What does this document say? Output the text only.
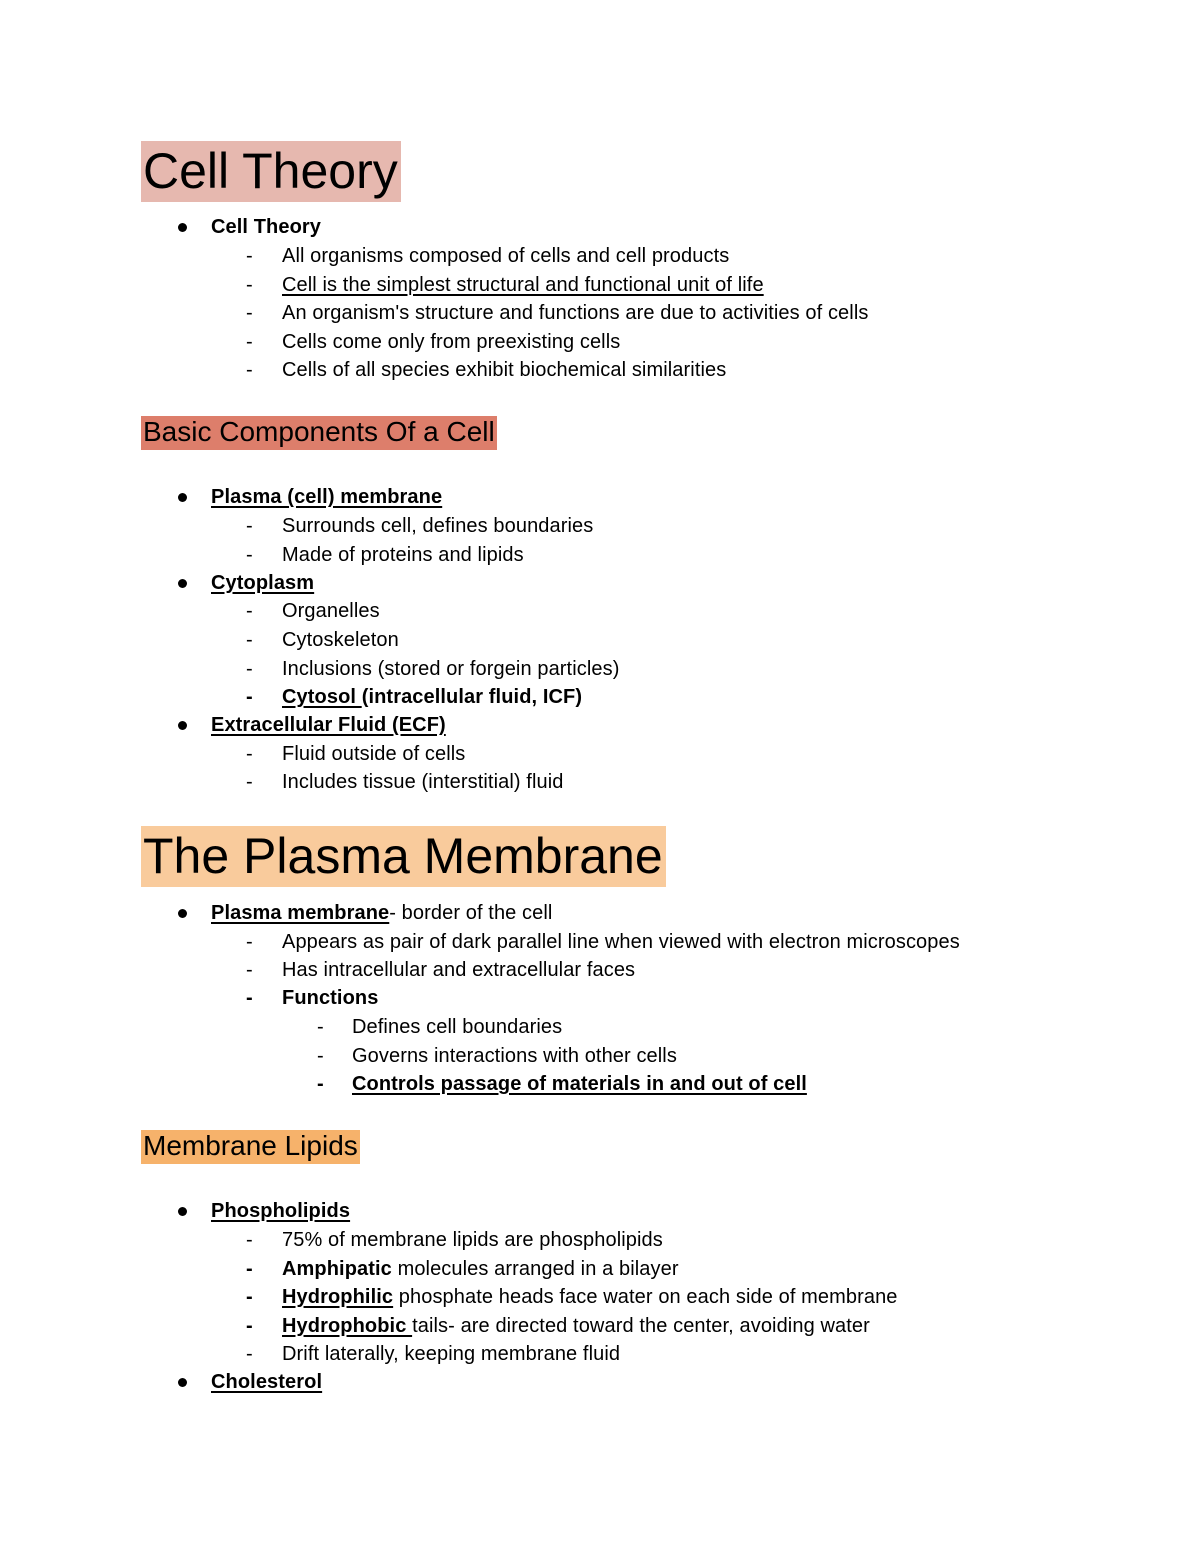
Cell Theory
Cell Theory
- All organisms composed of cells and cell products
- Cell is the simplest structural and functional unit of life
- An organism's structure and functions are due to activities of cells
- Cells come only from preexisting cells
- Cells of all species exhibit biochemical similarities
Basic Components Of a Cell
Plasma (cell) membrane
- Surrounds cell, defines boundaries
- Made of proteins and lipids
Cytoplasm
- Organelles
- Cytoskeleton
- Inclusions (stored or forgein particles)
- Cytosol (intracellular fluid, ICF)
Extracellular Fluid (ECF)
- Fluid outside of cells
- Includes tissue (interstitial) fluid
The Plasma Membrane
Plasma membrane- border of the cell
- Appears as pair of dark parallel line when viewed with electron microscopes
- Has intracellular and extracellular faces
- Functions
- Defines cell boundaries
- Governs interactions with other cells
- Controls passage of materials in and out of cell
Membrane Lipids
Phospholipids
- 75% of membrane lipids are phospholipids
- Amphipatic molecules arranged in a bilayer
- Hydrophilic phosphate heads face water on each side of membrane
- Hydrophobic tails- are directed toward the center, avoiding water
- Drift laterally, keeping membrane fluid
Cholesterol
